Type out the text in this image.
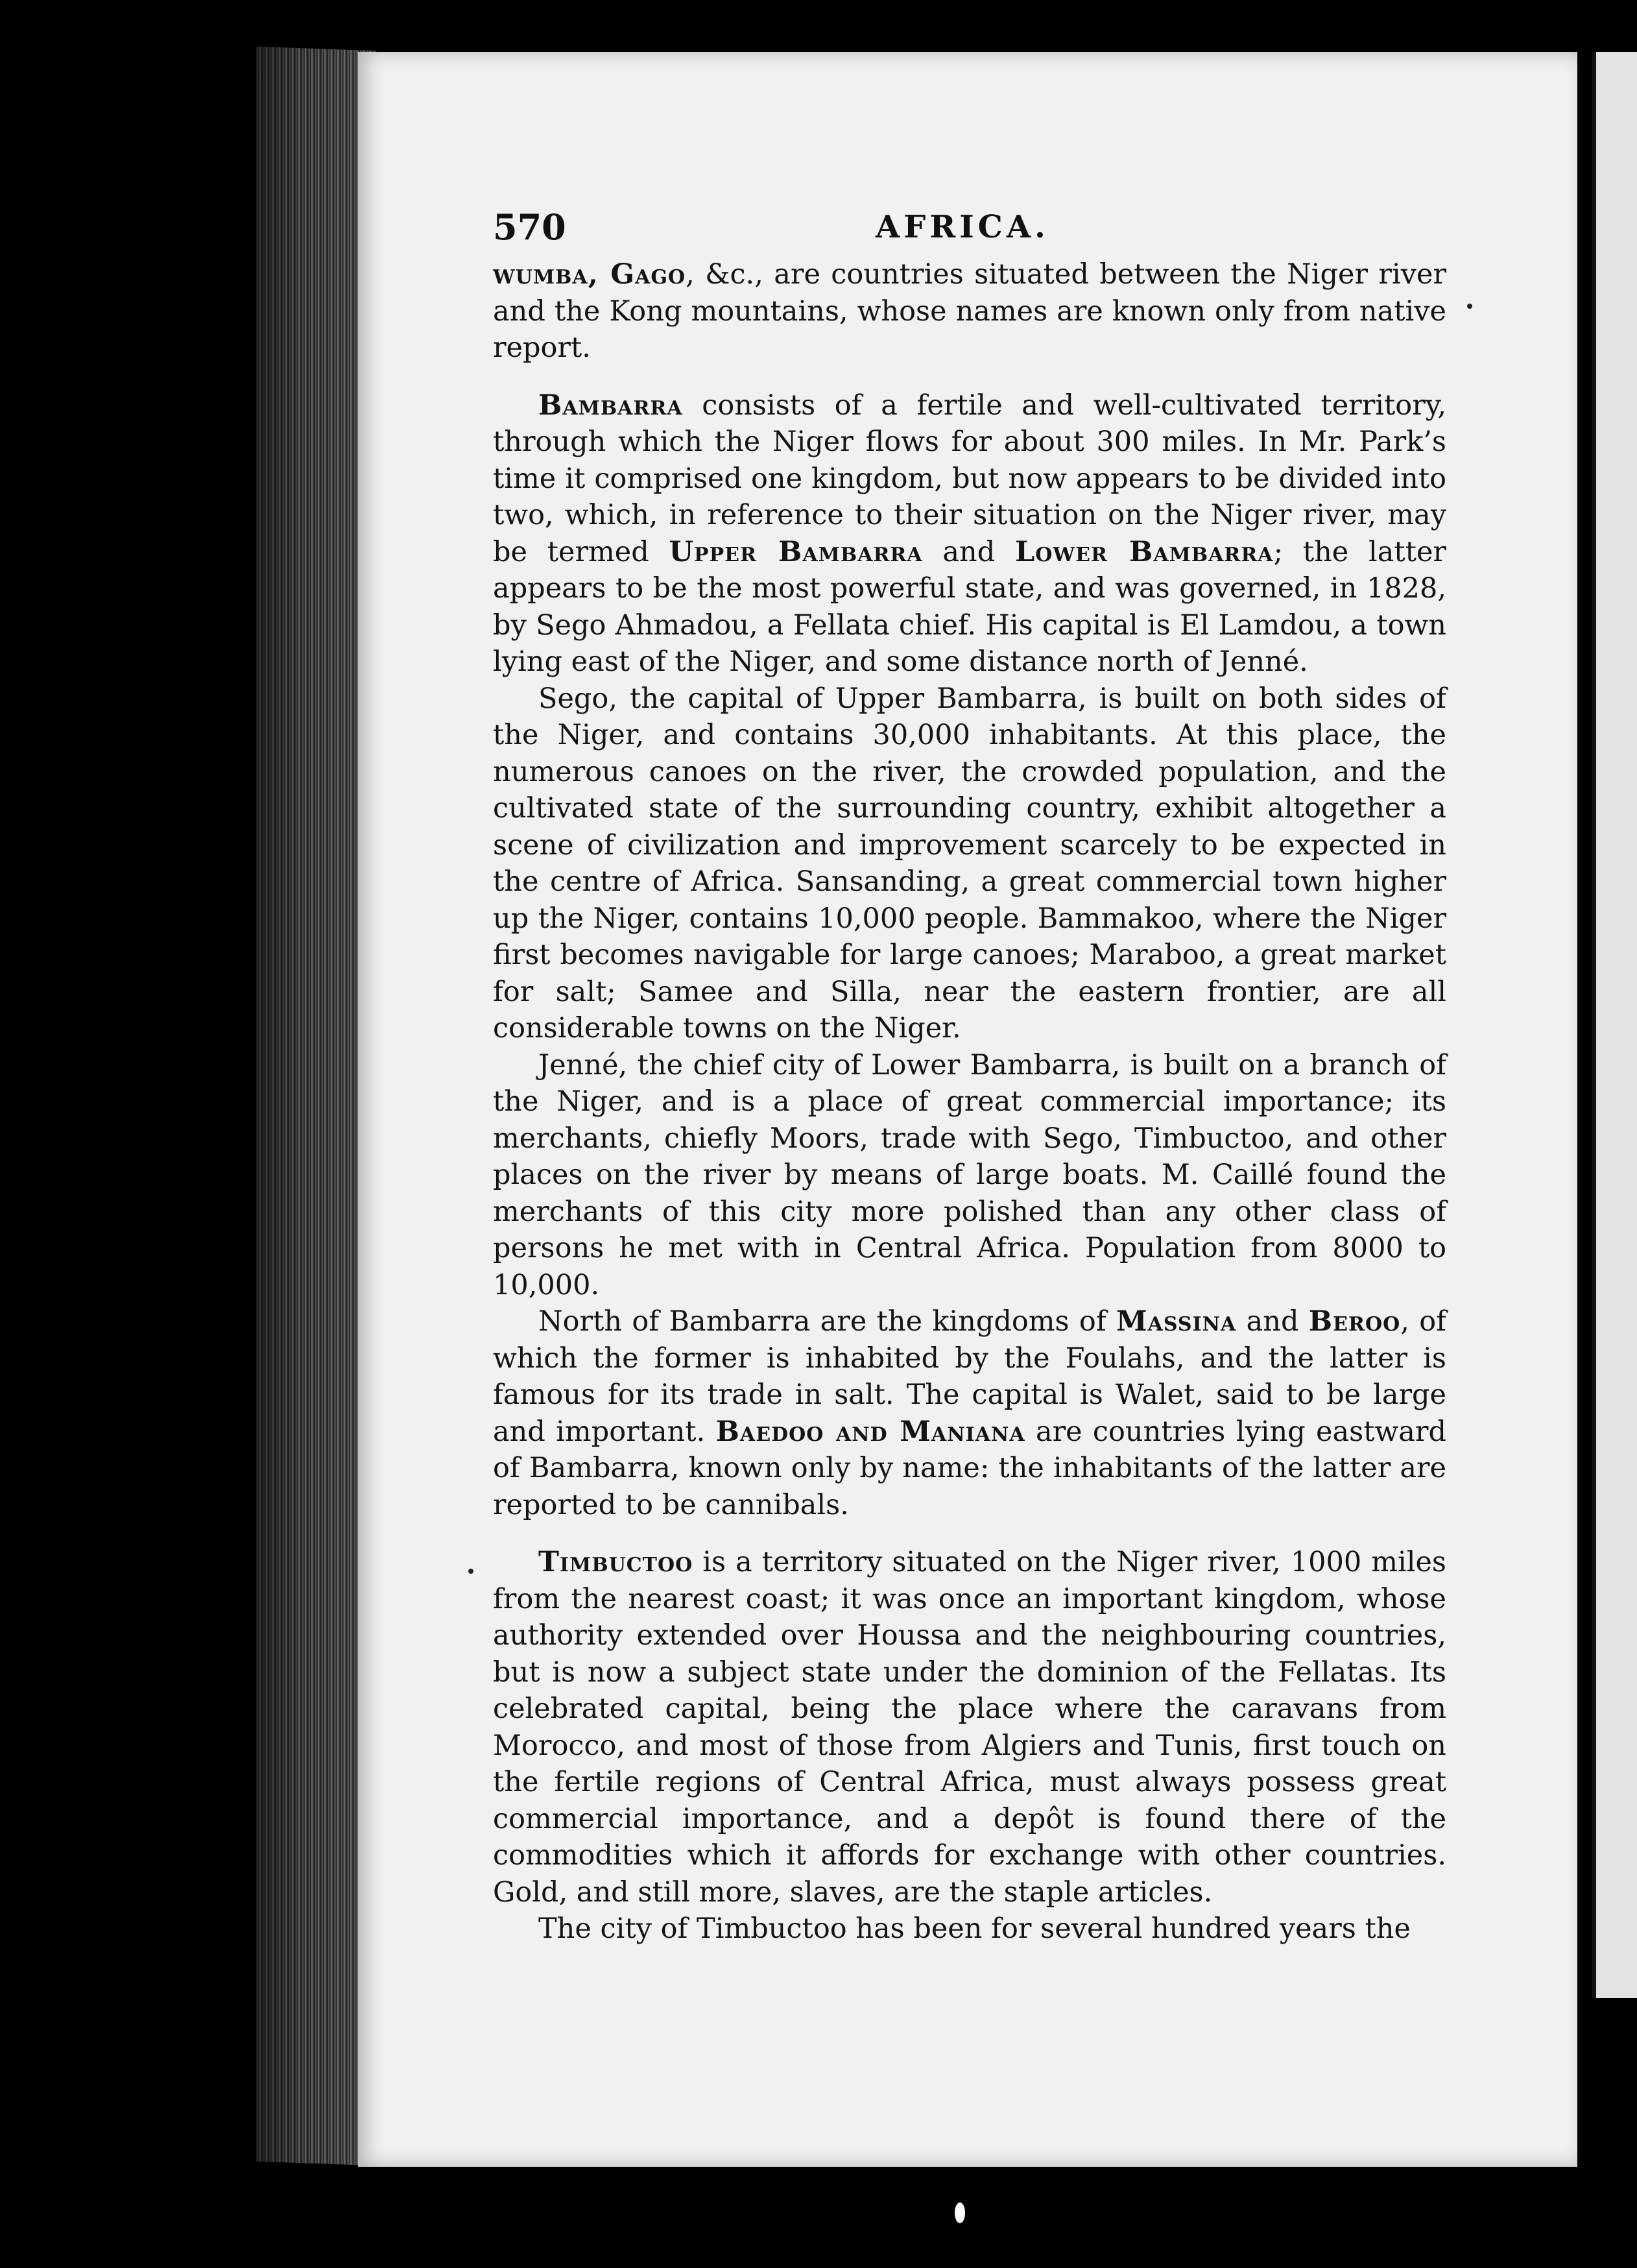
570	AFRICA.

wumba, Gago, &c., are countries situated between the Niger river and the Kong mountains, whose names are known only from native report.

Bambarra consists of a fertile and well-cultivated territory, through which the Niger flows for about 300 miles. In Mr. Park’s time it comprised one kingdom, but now appears to be divided into two, which, in reference to their situation on the Niger river, may be termed Upper Bambarra and Lower Bambarra; the latter appears to be the most powerful state, and was governed, in 1828, by Sego Ahmadou, a Fellata chief. His capital is El Lamdou, a town lying east of the Niger, and some distance north of Jenné.

Sego, the capital of Upper Bambarra, is built on both sides of the Niger, and contains 30,000 inhabitants. At this place, the numerous canoes on the river, the crowded population, and the cultivated state of the surrounding country, exhibit altogether a scene of civilization and improvement scarcely to be expected in the centre of Africa. Sansanding, a great commercial town higher up the Niger, contains 10,000 people. Bammakoo, where the Niger first becomes navigable for large canoes; Maraboo, a great market for salt; Samee and Silla, near the eastern frontier, are all considerable towns on the Niger.

Jenné, the chief city of Lower Bambarra, is built on a branch of the Niger, and is a place of great commercial importance; its merchants, chiefly Moors, trade with Sego, Timbuctoo, and other places on the river by means of large boats. M. Caillé found the merchants of this city more polished than any other class of persons he met with in Central Africa. Population from 8000 to 10,000.

North of Bambarra are the kingdoms of Massina and Beroo, of which the former is inhabited by the Foulahs, and the latter is famous for its trade in salt. The capital is Walet, said to be large and important. Baedoo and Maniana are countries lying eastward of Bambarra, known only by name: the inhabitants of the latter are reported to be cannibals.

Timbuctoo is a territory situated on the Niger river, 1000 miles from the nearest coast; it was once an important kingdom, whose authority extended over Houssa and the neighbouring countries, but is now a subject state under the dominion of the Fellatas. Its celebrated capital, being the place where the caravans from Morocco, and most of those from Algiers and Tunis, first touch on the fertile regions of Central Africa, must always possess great commercial importance, and a depôt is found there of the commodities which it affords for exchange with other countries. Gold, and still more, slaves, are the staple articles.

The city of Timbuctoo has been for several hundred years the
